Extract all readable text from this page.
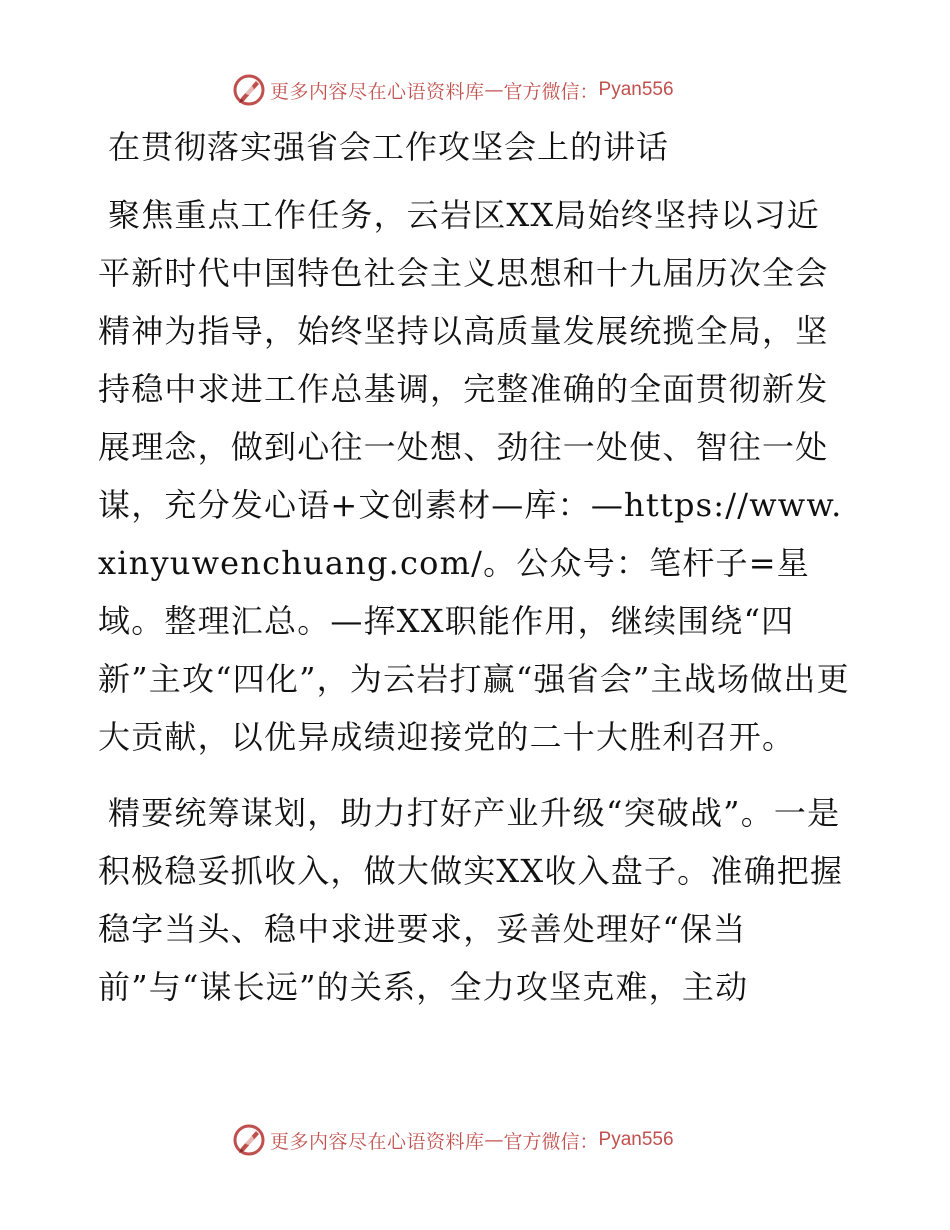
更多内容尽在心语资料库 — 官方微信： Pyan556
在贯彻落实强省会工作攻坚会上的讲话

聚焦重点工作任务，云岩区XX局始终坚持以习近平新时代中国特色社会主义思想和十九届历次全会精神为指导，始终坚持以高质量发展统揽全局，坚持稳中求进工作总基调，完整准确的全面贯彻新发展理念，做到心往一处想、劲往一处使、智往一处谋，充分发心语+文创素材—库：—https://www.xinyuwenchuang.com/。公众号：笔杆子=星域。整理汇总。—挥XX职能作用，继续围绕“四新”主攻“四化”，为云岩打赢“强省会”主战场做出更大贡献，以优异成绩迎接党的二十大胜利召开。

精要统筹谋划，助力打好产业升级“突破战”。一是积极稳妥抓收入，做大做实XX收入盘子。准确把握稳字当头、稳中求进要求，妥善处理好“保当前”与“谋长远”的关系，全力攻坚克难，主动

更多内容尽在心语资料库 — 官方微信： Pyan556
